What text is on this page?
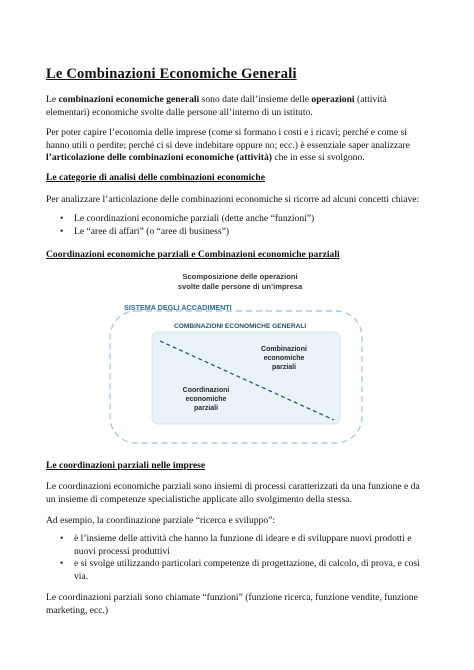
Le Combinazioni Economiche Generali

Le combinazioni economiche generali sono date dall’insieme delle operazioni (attività elementari) economiche svolte dalle persone all’interno di un istituto.

Per poter capire l’economia delle imprese (come si formano i costi e i ricavi; perché e come si hanno utili o perdite; perché ci si deve indebitare oppure no; ecc.) è essenziale saper analizzare l’articolazione delle combinazioni economiche (attività) che in esse si svolgono.

Le categorie di analisi delle combinazioni economiche

Per analizzare l’articolazione delle combinazioni economiche si ricorre ad alcuni concetti chiave:

• Le coordinazioni economiche parziali (dette anche “funzioni”)
• Le “aree di affari” (o “aree di business”)
Coordinazioni economiche parziali e Combinazioni economiche parziali
Scomposizione delle operazioni
svolte dalle persone di un’impresa
SISTEMA DEGLI ACCADIMENTI
COMBINAZIONI ECONOMICHE GENERALI
Combinazioni
economiche
parziali
Coordinazioni
economiche
parziali
Le coordinazioni parziali nelle imprese

Le coordinazioni economiche parziali sono insiemi di processi caratterizzati da una funzione e da un insieme di competenze specialistiche applicate allo svolgimento della stessa.

Ad esempio, la coordinazione parziale “ricerca e sviluppo”:

• è l’insieme delle attività che hanno la funzione di ideare e di sviluppare nuovi prodotti e nuovi processi produttivi
• e si svolge utilizzando particolari competenze di progettazione, di calcolo, di prova, e così via.

Le coordinazioni parziali sono chiamate “funzioni” (funzione ricerca, funzione vendite, funzione marketing, ecc.)
